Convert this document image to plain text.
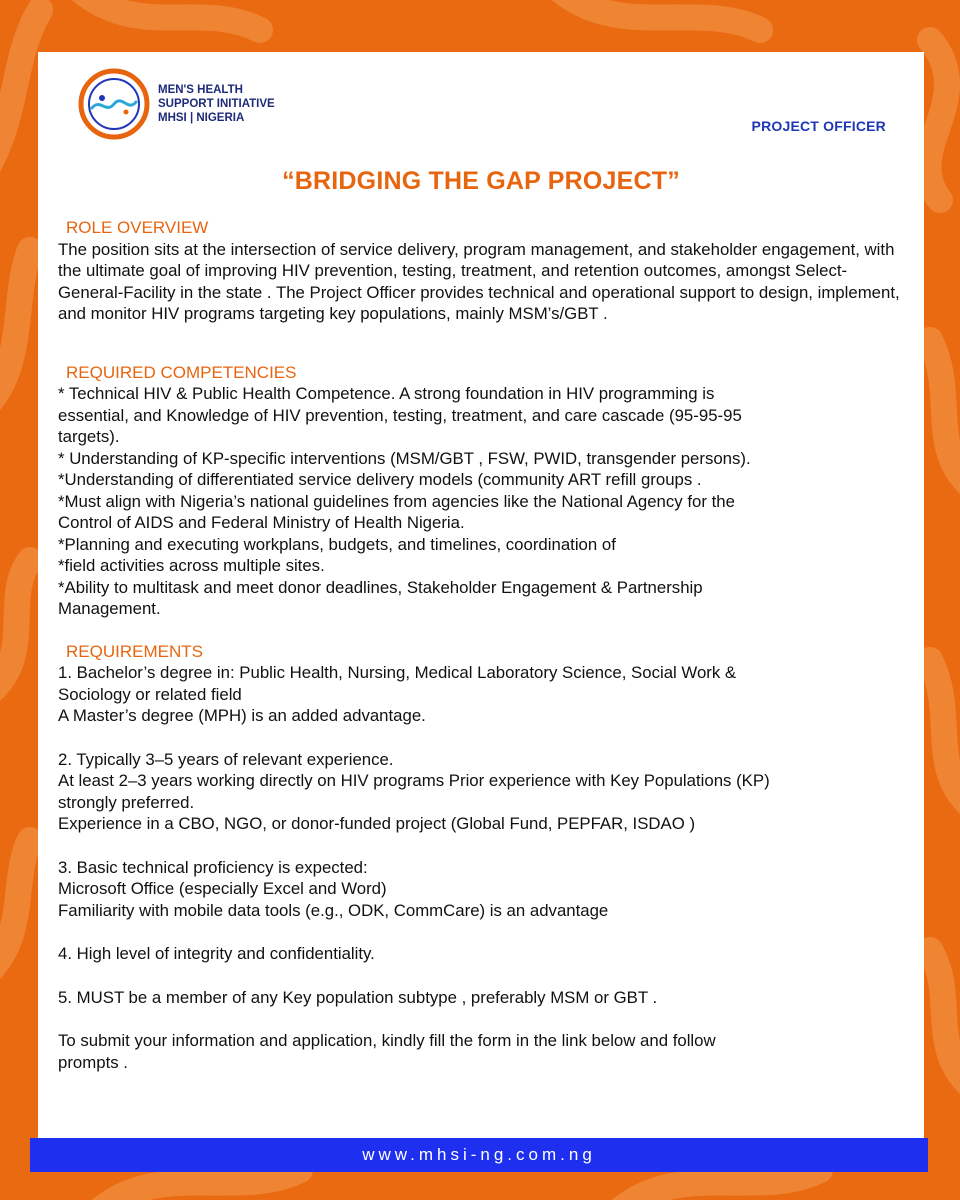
MEN'S HEALTH
SUPPORT INITIATIVE
MHSI | NIGERIA	PROJECT OFFICER
“BRIDGING THE GAP PROJECT”
ROLE OVERVIEW
The position sits at the intersection of service delivery, program management, and stakeholder engagement, with the ultimate goal of improving HIV prevention, testing, treatment, and retention outcomes, amongst Select-General-Facility in the state . The Project Officer provides technical and operational support to design, implement, and monitor HIV programs targeting key populations, mainly MSM’s/GBT .
REQUIRED COMPETENCIES
* Technical HIV & Public Health Competence. A strong foundation in HIV programming is
essential, and Knowledge of HIV prevention, testing, treatment, and care cascade (95-95-95
targets).
* Understanding of KP-specific interventions (MSM/GBT , FSW, PWID, transgender persons).
*Understanding of differentiated service delivery models (community ART refill groups .
*Must align with Nigeria’s national guidelines from agencies like the National Agency for the
Control of AIDS and Federal Ministry of Health Nigeria.
*Planning and executing workplans, budgets, and timelines, coordination of
*field activities across multiple sites.
*Ability to multitask and meet donor deadlines, Stakeholder Engagement & Partnership
Management.
REQUIREMENTS
1. Bachelor’s degree in: Public Health, Nursing, Medical Laboratory Science, Social Work &
Sociology or related field
A Master’s degree (MPH) is an added advantage.
2. Typically 3–5 years of relevant experience.
At least 2–3 years working directly on HIV programs Prior experience with Key Populations (KP)
strongly preferred.
Experience in a CBO, NGO, or donor-funded project (Global Fund, PEPFAR, ISDAO )
3. Basic technical proficiency is expected:
Microsoft Office (especially Excel and Word)
Familiarity with mobile data tools (e.g., ODK, CommCare) is an advantage
4. High level of integrity and confidentiality.
5. MUST be a member of any Key population subtype , preferably MSM or GBT .
To submit your information and application, kindly fill the form in the link below and follow
prompts .
www.mhsi-ng.com.ng
